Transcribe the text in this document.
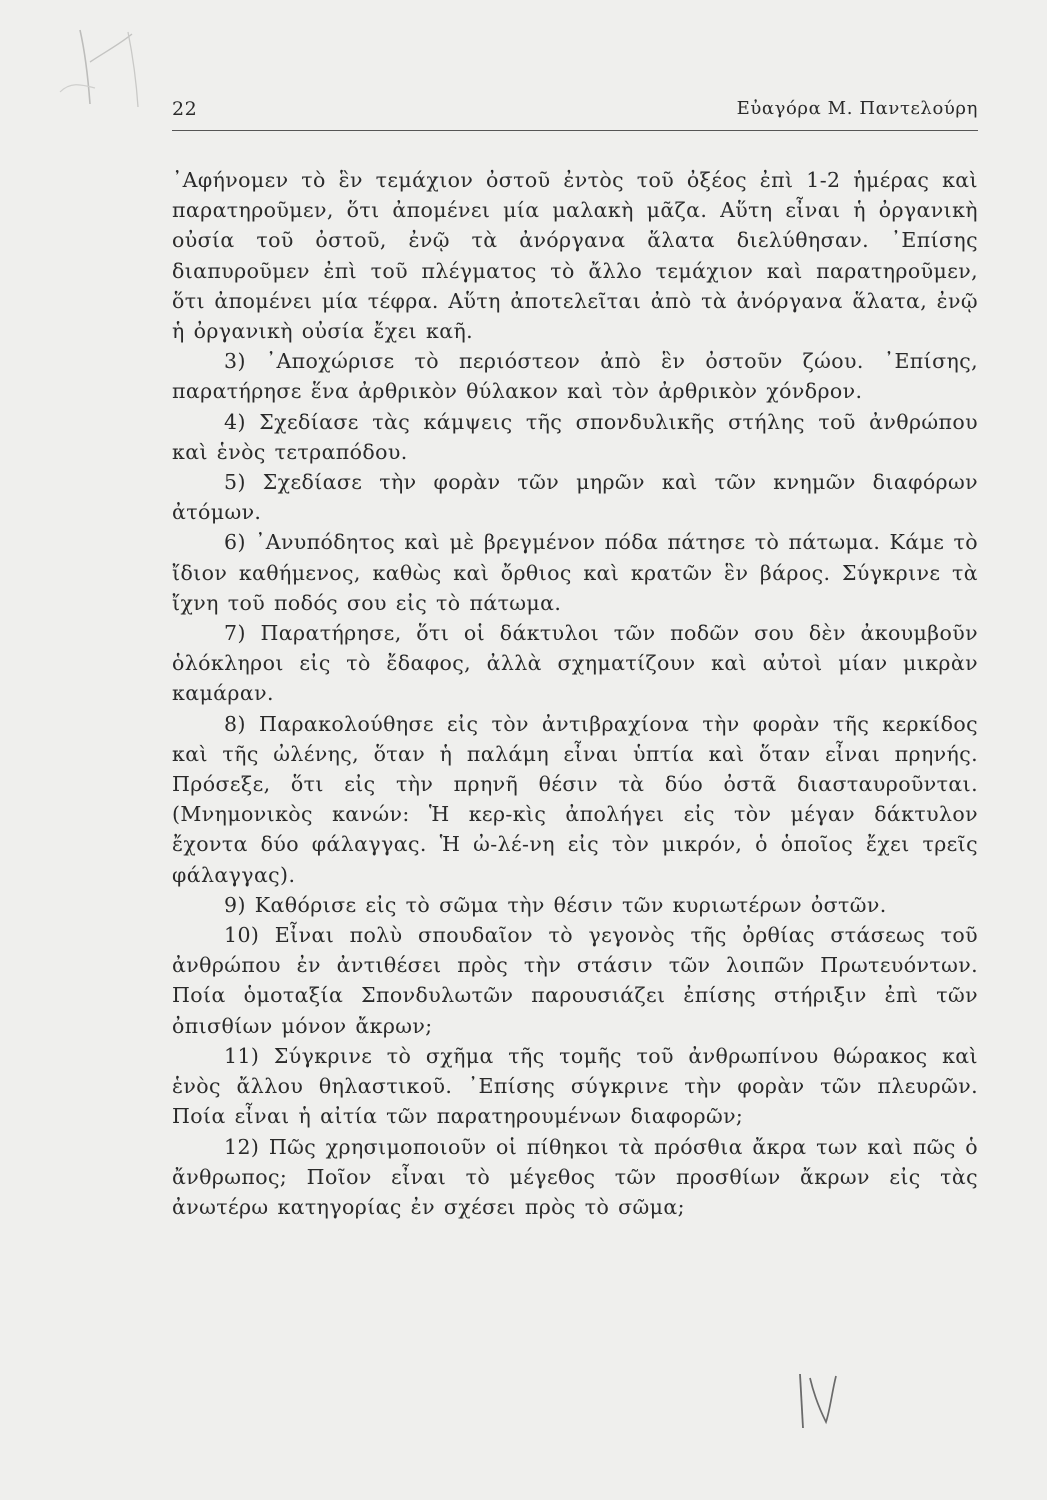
22	Εὐαγόρα Μ. Παντελούρη

᾿Αφήνομεν τὸ ἓν τεμάχιον ὀστοῦ ἐντὸς τοῦ ὀξέος ἐπὶ 1-2 ἡμέρας καὶ παρατηροῦμεν, ὅτι ἀπομένει μία μαλακὴ μᾶζα. Αὕτη εἶναι ἡ ὀργανικὴ οὐσία τοῦ ὀστοῦ, ἐνῷ τὰ ἀνόργανα ἅλατα διελύθησαν. ᾿Επίσης διαπυροῦμεν ἐπὶ τοῦ πλέγματος τὸ ἄλλο τεμάχιον καὶ παρατηροῦμεν, ὅτι ἀπομένει μία τέφρα. Αὕτη ἀποτελεῖται ἀπὸ τὰ ἀνόργανα ἅλατα, ἐνῷ ἡ ὀργανικὴ οὐσία ἔχει καῆ.

3) ᾿Αποχώρισε τὸ περιόστεον ἀπὸ ἓν ὀστοῦν ζώου. ᾿Επίσης, παρατήρησε ἕνα ἀρθρικὸν θύλακον καὶ τὸν ἀρθρικὸν χόνδρον.

4) Σχεδίασε τὰς κάμψεις τῆς σπονδυλικῆς στήλης τοῦ ἀνθρώπου καὶ ἑνὸς τετραπόδου.

5) Σχεδίασε τὴν φορὰν τῶν μηρῶν καὶ τῶν κνημῶν διαφόρων ἀτόμων.

6) ᾿Ανυπόδητος καὶ μὲ βρεγμένον πόδα πάτησε τὸ πάτωμα. Κάμε τὸ ἴδιον καθήμενος, καθὼς καὶ ὄρθιος καὶ κρατῶν ἓν βάρος. Σύγκρινε τὰ ἴχνη τοῦ ποδός σου εἰς τὸ πάτωμα.

7) Παρατήρησε, ὅτι οἱ δάκτυλοι τῶν ποδῶν σου δὲν ἀκουμβοῦν ὁλόκληροι εἰς τὸ ἔδαφος, ἀλλὰ σχηματίζουν καὶ αὐτοὶ μίαν μικρὰν καμάραν.

8) Παρακολούθησε εἰς τὸν ἀντιβραχίονα τὴν φορὰν τῆς κερκίδος καὶ τῆς ὠλένης, ὅταν ἡ παλάμη εἶναι ὑπτία καὶ ὅταν εἶναι πρηνής. Πρόσεξε, ὅτι εἰς τὴν πρηνῆ θέσιν τὰ δύο ὀστᾶ διασταυροῦνται. (Μνημονικὸς κανών: Ἡ κερ-κὶς ἀπολήγει εἰς τὸν μέγαν δάκτυλον ἔχοντα δύο φάλαγγας. Ἡ ὠ-λέ-νη εἰς τὸν μικρόν, ὁ ὁποῖος ἔχει τρεῖς φάλαγγας).

9) Καθόρισε εἰς τὸ σῶμα τὴν θέσιν τῶν κυριωτέρων ὀστῶν.

10) Εἶναι πολὺ σπουδαῖον τὸ γεγονὸς τῆς ὀρθίας στάσεως τοῦ ἀνθρώπου ἐν ἀντιθέσει πρὸς τὴν στάσιν τῶν λοιπῶν Πρωτευόντων. Ποία ὁμοταξία Σπονδυλωτῶν παρουσιάζει ἐπίσης στήριξιν ἐπὶ τῶν ὀπισθίων μόνον ἄκρων;

11) Σύγκρινε τὸ σχῆμα τῆς τομῆς τοῦ ἀνθρωπίνου θώρακος καὶ ἑνὸς ἄλλου θηλαστικοῦ. ᾿Επίσης σύγκρινε τὴν φορὰν τῶν πλευρῶν. Ποία εἶναι ἡ αἰτία τῶν παρατηρουμένων διαφορῶν;

12) Πῶς χρησιμοποιοῦν οἱ πίθηκοι τὰ πρόσθια ἄκρα των καὶ πῶς ὁ ἄνθρωπος; Ποῖον εἶναι τὸ μέγεθος τῶν προσθίων ἄκρων εἰς τὰς ἀνωτέρω κατηγορίας ἐν σχέσει πρὸς τὸ σῶμα;
